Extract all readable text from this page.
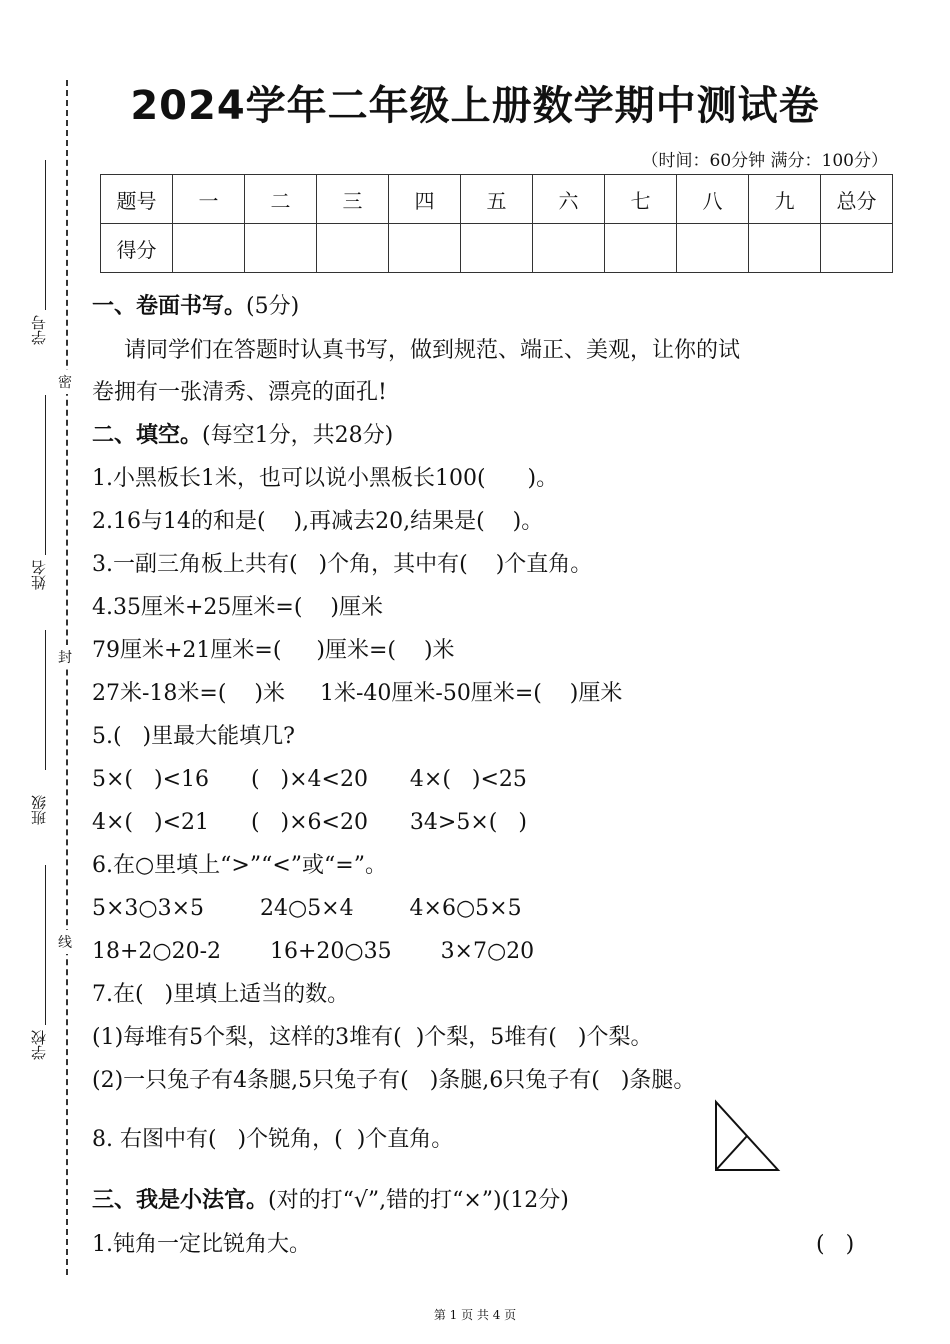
学号
姓名
班级
学校
密
封
线
2024学年二年级上册数学期中测试卷
（时间：60分钟 满分：100分）
题号	一	二	三	四	五	六	七	八	九	总分
得分										
一、卷面书写。(5分)
请同学们在答题时认真书写，做到规范、端正、美观，让你的试
卷拥有一张清秀、漂亮的面孔!
二、填空。(每空1分，共28分)
1.小黑板长1米，也可以说小黑板长100(      )。
2.16与14的和是(    ),再减去20,结果是(    )。
3.一副三角板上共有(   )个角，其中有(    )个直角。
4.35厘米+25厘米=(    )厘米
79厘米+21厘米=(     )厘米=(    )米
27米-18米=(    )米     1米-40厘米-50厘米=(    )厘米
5.(   )里最大能填几?
5×(   )<16      (   )×4<20      4×(   )<25
4×(   )<21      (   )×6<20      34>5×(   )
6.在○里填上“>”“<”或“=”。
5×3○3×5        24○5×4        4×6○5×5
18+2○20-2       16+20○35       3×7○20
7.在(   )里填上适当的数。
(1)每堆有5个梨，这样的3堆有(  )个梨，5堆有(   )个梨。
(2)一只兔子有4条腿,5只兔子有(   )条腿,6只兔子有(   )条腿。
8. 右图中有(   )个锐角，(  )个直角。
三、我是小法官。(对的打“√”,错的打“×”)(12分)
1.钝角一定比锐角大。	(   )
第 1 页 共 4 页
